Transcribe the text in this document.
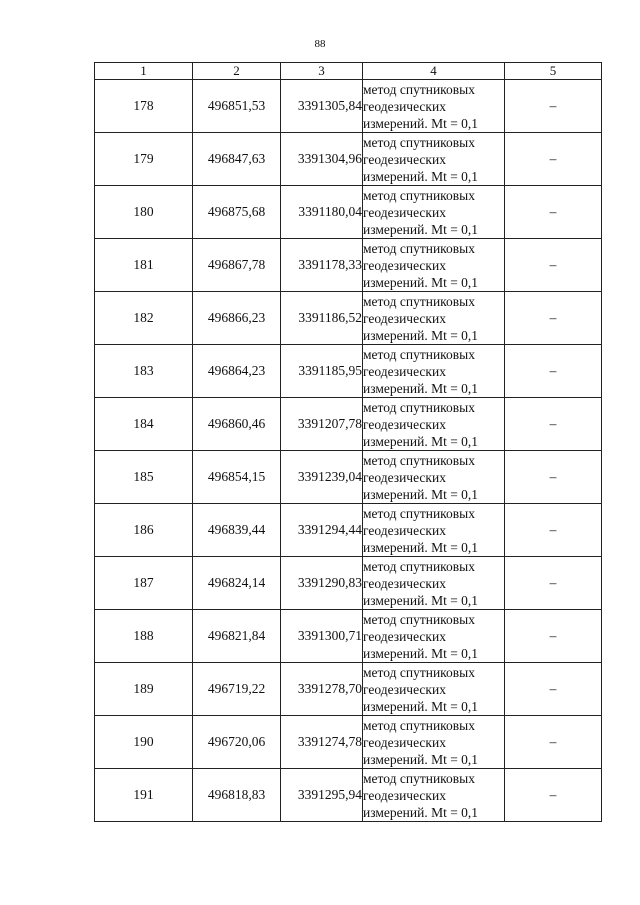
88
1	2	3	4	5
178	496851,53	3391305,84	метод спутниковых
геодезических
измерений. Mt = 0,1	–
179	496847,63	3391304,96	метод спутниковых
геодезических
измерений. Mt = 0,1	–
180	496875,68	3391180,04	метод спутниковых
геодезических
измерений. Mt = 0,1	–
181	496867,78	3391178,33	метод спутниковых
геодезических
измерений. Mt = 0,1	–
182	496866,23	3391186,52	метод спутниковых
геодезических
измерений. Mt = 0,1	–
183	496864,23	3391185,95	метод спутниковых
геодезических
измерений. Mt = 0,1	–
184	496860,46	3391207,78	метод спутниковых
геодезических
измерений. Mt = 0,1	–
185	496854,15	3391239,04	метод спутниковых
геодезических
измерений. Mt = 0,1	–
186	496839,44	3391294,44	метод спутниковых
геодезических
измерений. Mt = 0,1	–
187	496824,14	3391290,83	метод спутниковых
геодезических
измерений. Mt = 0,1	–
188	496821,84	3391300,71	метод спутниковых
геодезических
измерений. Mt = 0,1	–
189	496719,22	3391278,70	метод спутниковых
геодезических
измерений. Mt = 0,1	–
190	496720,06	3391274,78	метод спутниковых
геодезических
измерений. Mt = 0,1	–
191	496818,83	3391295,94	метод спутниковых
геодезических
измерений. Mt = 0,1	–
